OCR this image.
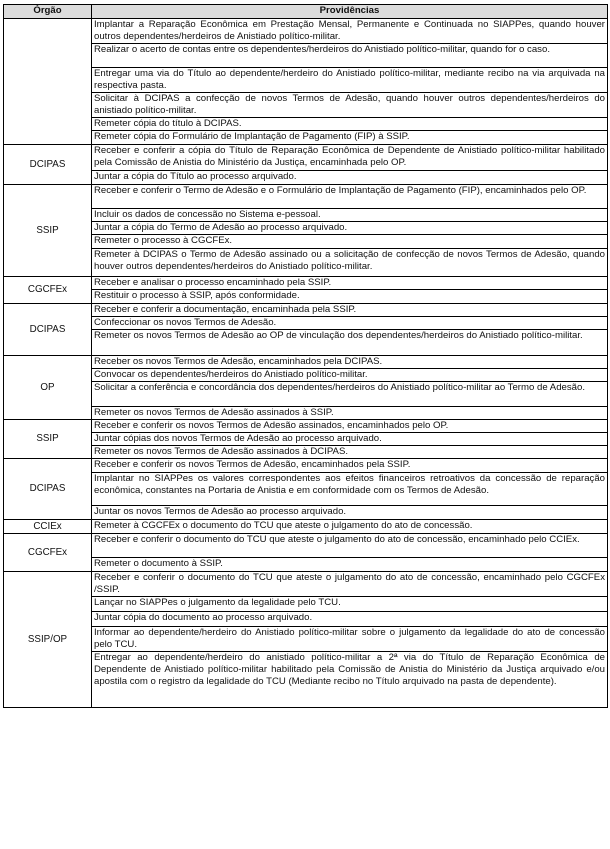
Órgão	Providências
	Implantar a Reparação Econômica em Prestação Mensal, Permanente e Continuada no SIAPPes, quando houver outros dependentes/herdeiros de Anistiado político-militar.
	Realizar o acerto de contas entre os dependentes/herdeiros do Anistiado político-militar, quando for o caso.
	Entregar uma via do Título ao dependente/herdeiro do Anistiado político-militar, mediante recibo na via arquivada na respectiva pasta.
	Solicitar à DCIPAS a confecção de novos Termos de Adesão, quando houver outros dependentes/herdeiros do anistiado político-militar.
	Remeter cópia do título à DCIPAS.
	Remeter cópia do Formulário de Implantação de Pagamento (FIP) à SSIP.
DCIPAS	Receber e conferir a cópia do Título de Reparação Econômica de Dependente de Anistiado político-militar habilitado pela Comissão de Anistia do Ministério da Justiça, encaminhada pelo OP.
	Juntar a cópia do Título ao processo arquivado.
SSIP	Receber e conferir o Termo de Adesão e o Formulário de Implantação de Pagamento (FIP), encaminhados pelo OP.
	Incluir os dados de concessão no Sistema e-pessoal.
	Juntar a cópia do Termo de Adesão ao processo arquivado.
	Remeter o processo à CGCFEx.
	Remeter à DCIPAS o Termo de Adesão assinado ou a solicitação de confecção de novos Termos de Adesão, quando houver outros dependentes/herdeiros do Anistiado político-militar.
CGCFEx	Receber e analisar o processo encaminhado pela SSIP.
	Restituir o processo à SSIP, após conformidade.
DCIPAS	Receber e conferir a documentação, encaminhada pela SSIP.
	Confeccionar os novos Termos de Adesão.
	Remeter os novos Termos de Adesão ao OP de vinculação dos dependentes/herdeiros do Anistiado político-militar.
OP	Receber os novos Termos de Adesão, encaminhados pela DCIPAS.
	Convocar os dependentes/herdeiros do Anistiado político-militar.
	Solicitar a conferência e concordância dos dependentes/herdeiros do Anistiado político-militar ao Termo de Adesão.
	Remeter os novos Termos de Adesão assinados à SSIP.
SSIP	Receber e conferir os novos Termos de Adesão assinados, encaminhados pelo OP.
	Juntar cópias dos novos Termos de Adesão ao processo arquivado.
	Remeter os novos Termos de Adesão assinados à DCIPAS.
DCIPAS	Receber e conferir os novos Termos de Adesão, encaminhados pela SSIP.
	Implantar no SIAPPes os valores correspondentes aos efeitos financeiros retroativos da concessão de reparação econômica, constantes na Portaria de Anistia e em conformidade com os Termos de Adesão.
	Juntar os novos Termos de Adesão ao processo arquivado.
CCIEx	Remeter à CGCFEx o documento do TCU que ateste o julgamento do ato de concessão.
CGCFEx	Receber e conferir o documento do TCU que ateste o julgamento do ato de concessão, encaminhado pelo CCIEx.
	Remeter o documento à SSIP.
SSIP/OP	Receber e conferir o documento do TCU que ateste o julgamento do ato de concessão, encaminhado pelo CGCFEx /SSIP.
	Lançar no SIAPPes o julgamento da legalidade pelo TCU.
	Juntar cópia do documento ao processo arquivado.
	Informar ao dependente/herdeiro do Anistiado político-militar sobre o julgamento da legalidade do ato de concessão pelo TCU.
	Entregar ao dependente/herdeiro do anistiado político-militar a 2ª via do Título de Reparação Econômica de Dependente de Anistiado político-militar habilitado pela Comissão de Anistia do Ministério da Justiça arquivado e/ou apostila com o registro da legalidade do TCU (Mediante recibo no Título arquivado na pasta de dependente).
